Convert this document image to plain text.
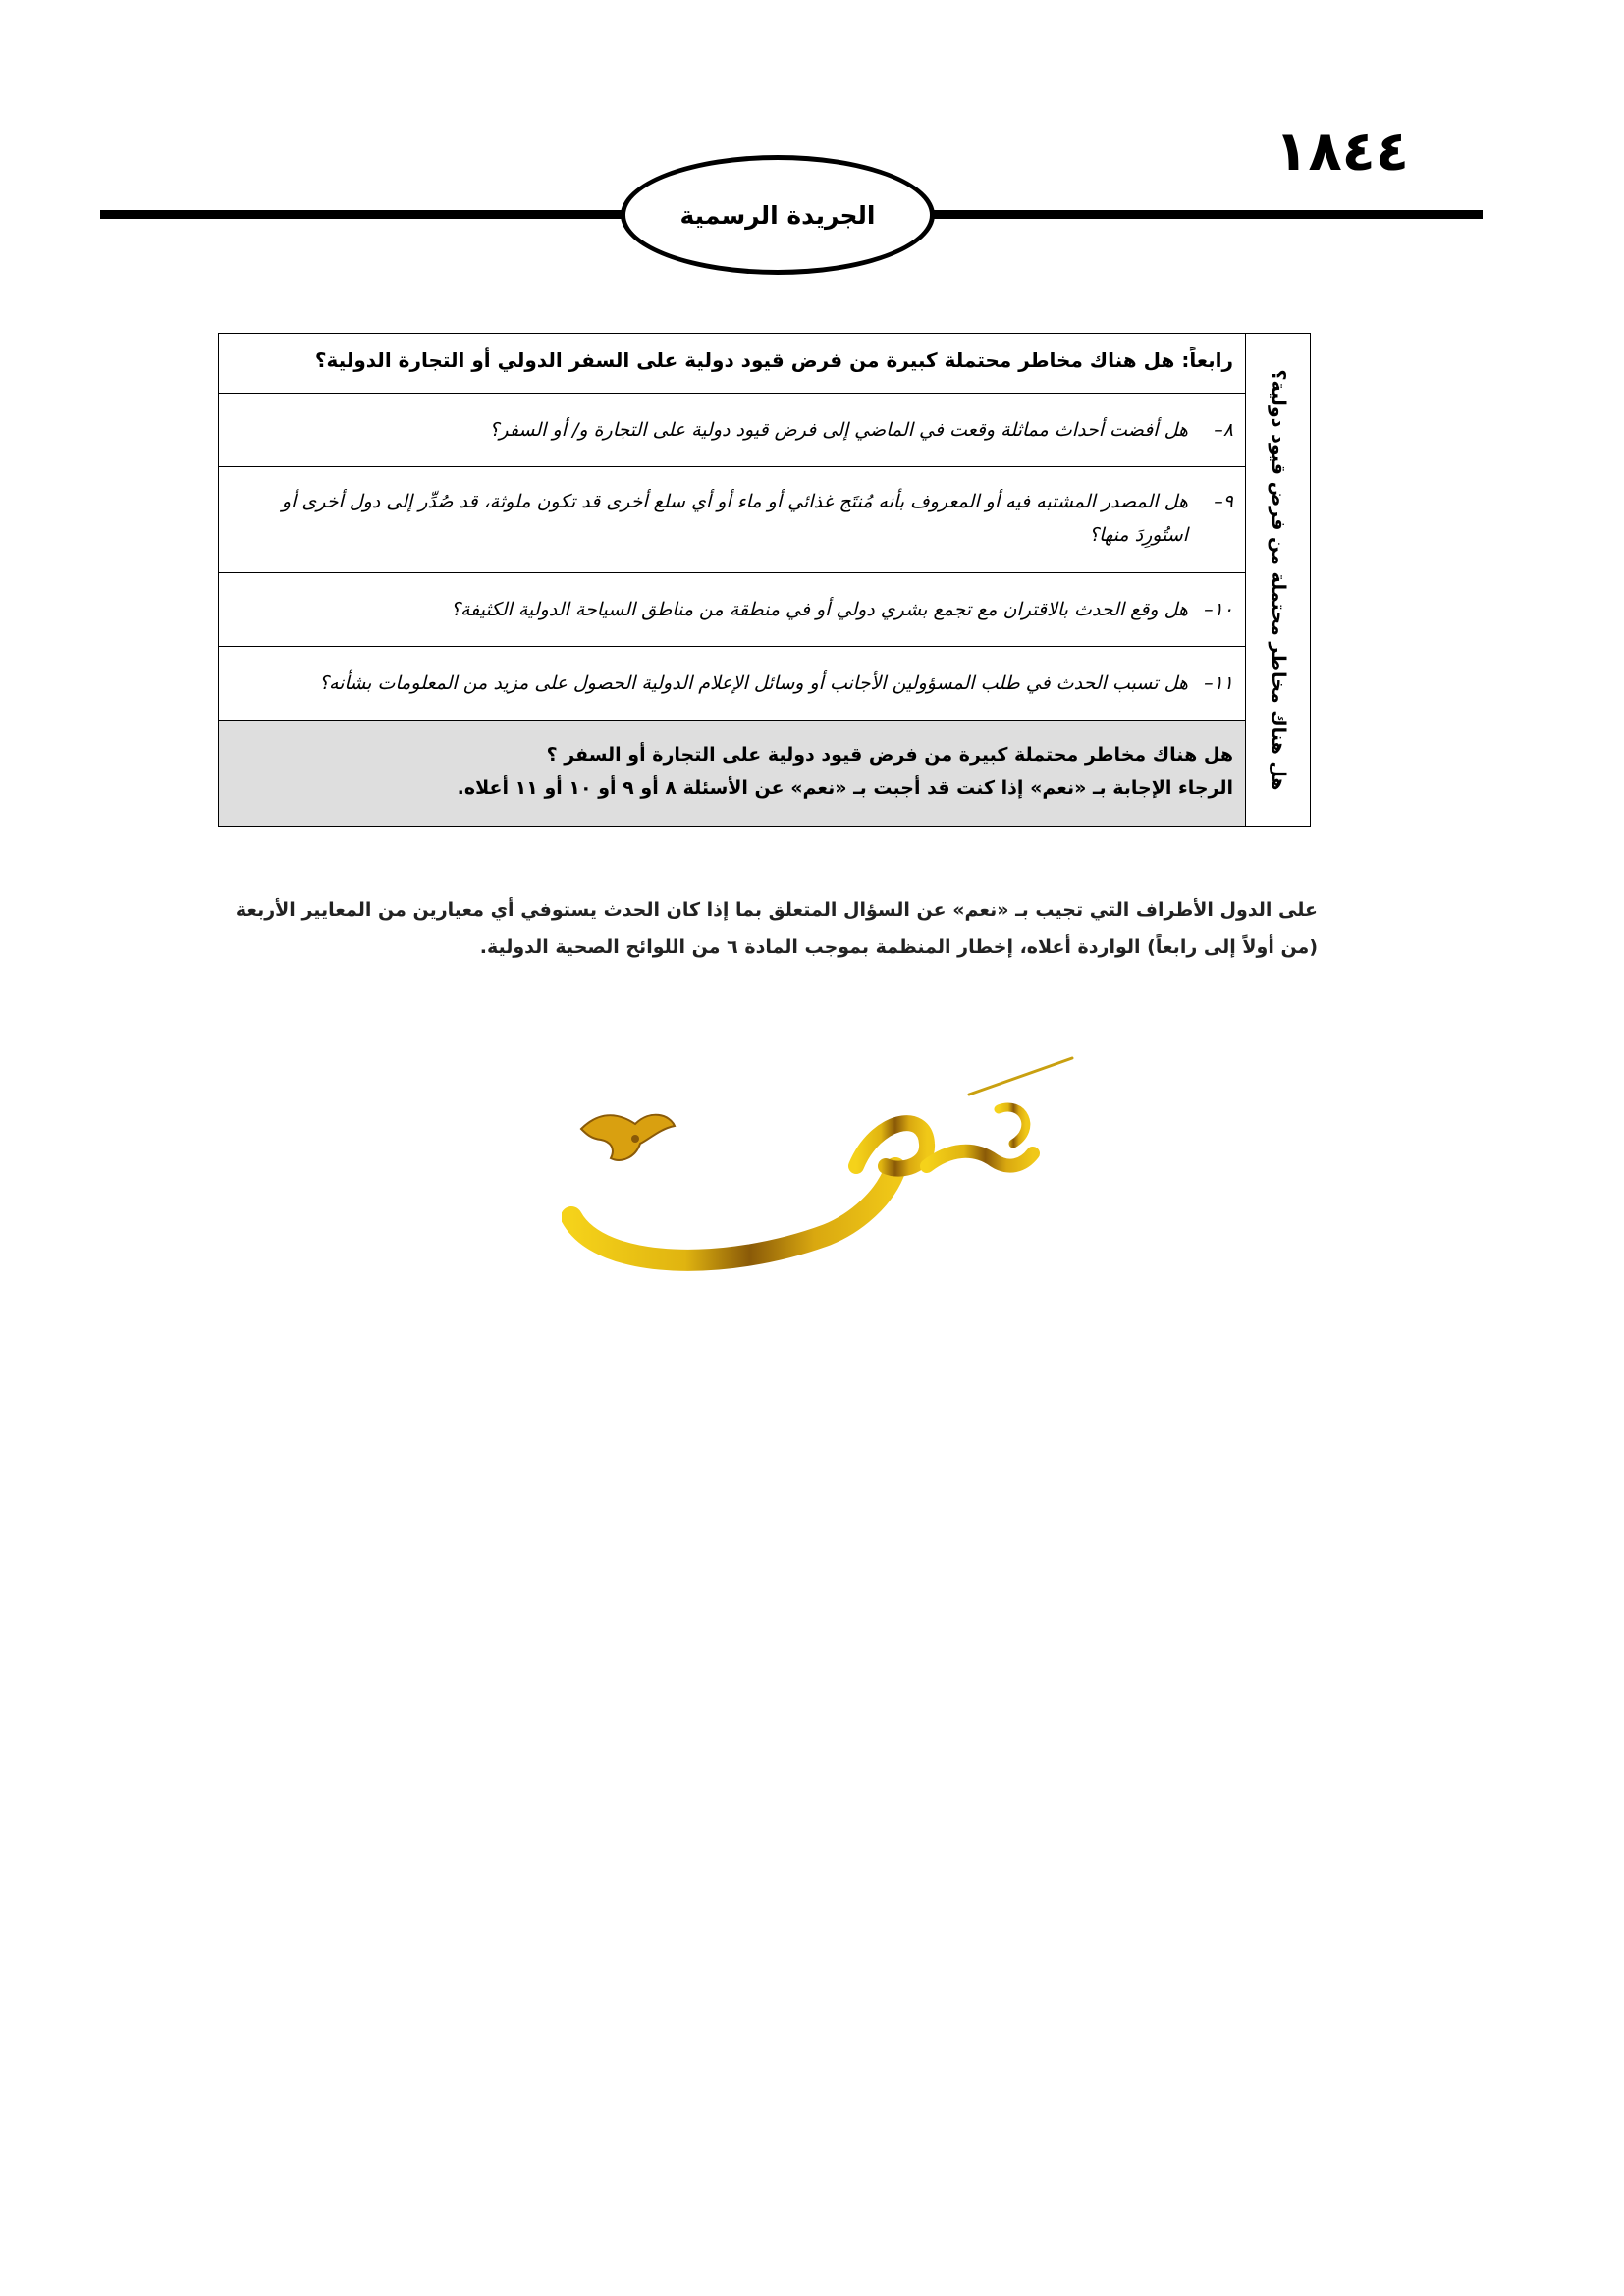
١٨٤٤
الجريدة الرسمية
هل هناك مخاطر محتملة من فرض قيود دولية؟
رابعاً: هل هناك مخاطر محتملة كبيرة من فرض قيود دولية على السفر الدولي أو التجارة الدولية؟
٨–
هل أفضت أحداث مماثلة وقعت في الماضي إلى فرض قيود دولية على التجارة و/ أو السفر؟
٩–
هل المصدر المشتبه فيه أو المعروف بأنه مُنتَج غذائي أو ماء أو أي سلع أخرى قد تكون ملوثة، قد صُدِّر إلى دول أخرى أو استُورِدَ منها؟
١٠–
هل وقع الحدث بالاقتران مع تجمع بشري دولي أو في منطقة من مناطق السياحة الدولية الكثيفة؟
١١–
هل تسبب الحدث في طلب المسؤولين الأجانب أو وسائل الإعلام الدولية الحصول على مزيد من المعلومات بشأنه؟
هل هناك مخاطر محتملة كبيرة من فرض قيود دولية على التجارة أو السفر ؟
الرجاء الإجابة بـ «نعم» إذا كنت قد أجبت بـ «نعم» عن الأسئلة ٨ أو ٩ أو ١٠ أو ١١ أعلاه.
على الدول الأطراف التي تجيب بـ «نعم» عن السؤال المتعلق بما إذا كان الحدث يستوفي أي معيارين من المعايير الأربعة (من أولاً إلى رابعاً) الواردة أعلاه، إخطار المنظمة بموجب المادة ٦ من اللوائح الصحية الدولية.
